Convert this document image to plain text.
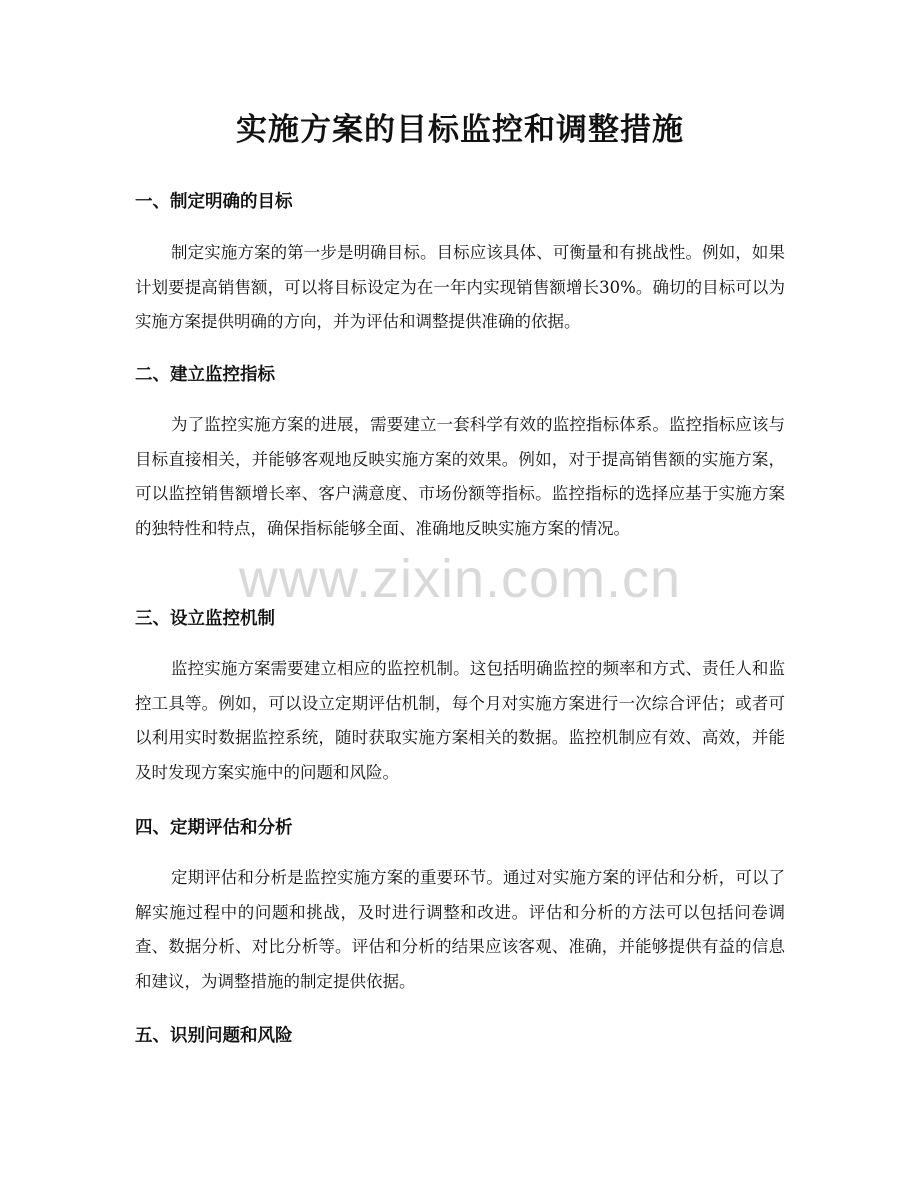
实施方案的目标监控和调整措施
一、制定明确的目标

制定实施方案的第一步是明确目标。目标应该具体、可衡量和有挑战性。例如，如果计划要提高销售额，可以将目标设定为在一年内实现销售额增长30%。确切的目标可以为实施方案提供明确的方向，并为评估和调整提供准确的依据。

二、建立监控指标

为了监控实施方案的进展，需要建立一套科学有效的监控指标体系。监控指标应该与目标直接相关，并能够客观地反映实施方案的效果。例如，对于提高销售额的实施方案，可以监控销售额增长率、客户满意度、市场份额等指标。监控指标的选择应基于实施方案的独特性和特点，确保指标能够全面、准确地反映实施方案的情况。

三、设立监控机制

监控实施方案需要建立相应的监控机制。这包括明确监控的频率和方式、责任人和监控工具等。例如，可以设立定期评估机制，每个月对实施方案进行一次综合评估；或者可以利用实时数据监控系统，随时获取实施方案相关的数据。监控机制应有效、高效，并能及时发现方案实施中的问题和风险。

四、定期评估和分析

定期评估和分析是监控实施方案的重要环节。通过对实施方案的评估和分析，可以了解实施过程中的问题和挑战，及时进行调整和改进。评估和分析的方法可以包括问卷调查、数据分析、对比分析等。评估和分析的结果应该客观、准确，并能够提供有益的信息和建议，为调整措施的制定提供依据。

五、识别问题和风险
www.zixin.com.cn
